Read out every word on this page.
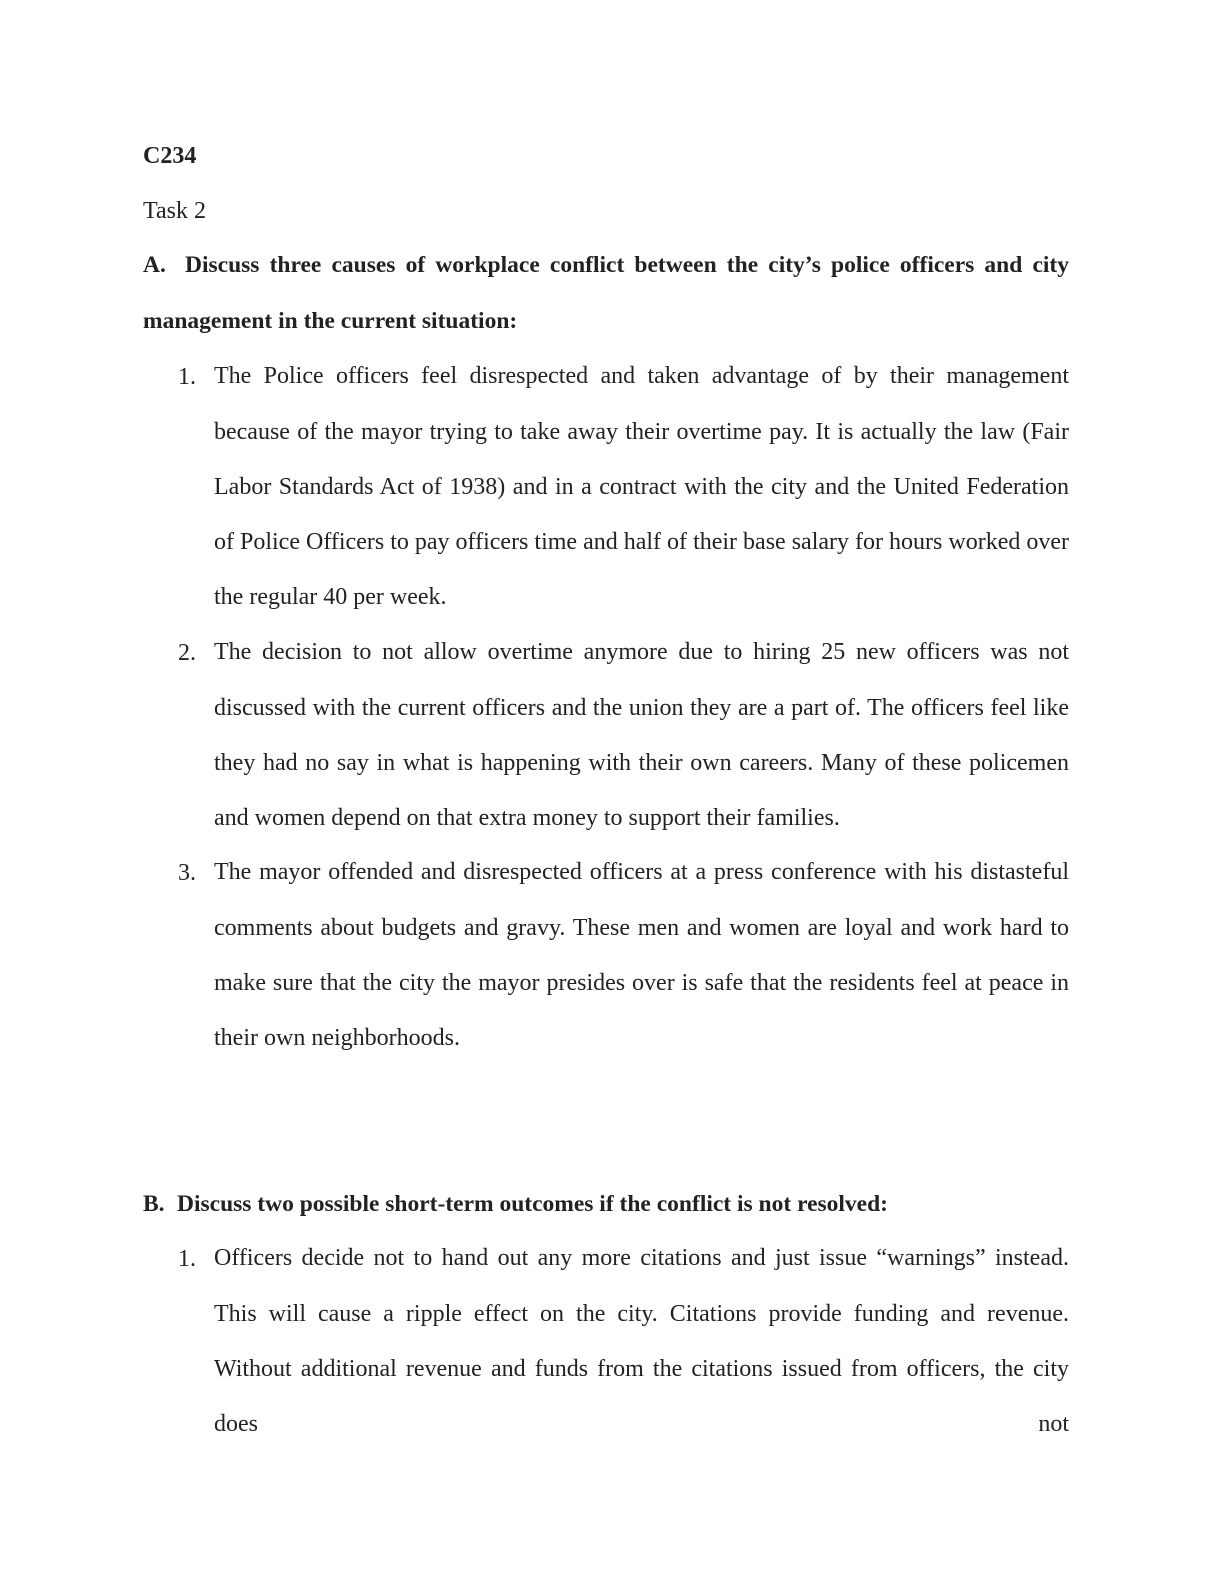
C234
Task 2

A. Discuss three causes of workplace conflict between the city’s police officers and city management in the current situation:

1. The Police officers feel disrespected and taken advantage of by their management because of the mayor trying to take away their overtime pay. It is actually the law (Fair Labor Standards Act of 1938) and in a contract with the city and the United Federation of Police Officers to pay officers time and half of their base salary for hours worked over the regular 40 per week.

2. The decision to not allow overtime anymore due to hiring 25 new officers was not discussed with the current officers and the union they are a part of. The officers feel like they had no say in what is happening with their own careers. Many of these policemen and women depend on that extra money to support their families.

3. The mayor offended and disrespected officers at a press conference with his distasteful comments about budgets and gravy. These men and women are loyal and work hard to make sure that the city the mayor presides over is safe that the residents feel at peace in their own neighborhoods.

B. Discuss two possible short-term outcomes if the conflict is not resolved:

1. Officers decide not to hand out any more citations and just issue “warnings” instead. This will cause a ripple effect on the city. Citations provide funding and revenue. Without additional revenue and funds from the citations issued from officers, the city does not
